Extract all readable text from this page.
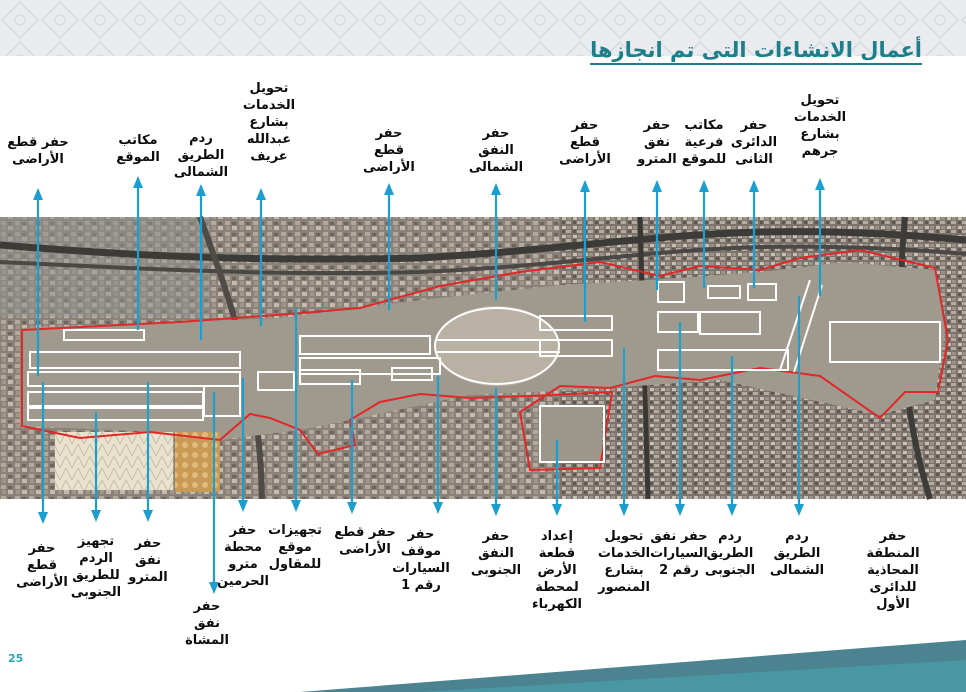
أعمال الانشاءات التى تم انجازها
حفر قطع
الأراضى
مكاتب
الموقع
ردم
الطريق
الشمالى
تحويل
الخدمات
بشارع
عبدالله
عريف
حفر
قطع
الأراضى
حفر
النفق
الشمالى
حفر
قطع
الأراضى
حفر
نفق
المترو
مكاتب
فرعية
للموقع
حفر
الدائرى
الثانى
تحويل
الخدمات
بشارع
جرهم
حفر
قطع
الأراضى
تجهيز
الردم
للطريق
الجنوبى
حفر
نفق
المترو
حفر
نفق
المشاة
حفر
محطة
مترو
الحرمين
تجهيزات
موقع
للمقاول
حفر قطع
الأراضى
حفر
موقف
السيارات
رقم 1
حفر
النفق
الجنوبى
إعداد
قطعة
الأرض
لمحطة
الكهرباء
تحويل
الخدمات
بشارع
المنصور
حفر نفق
السيارات
رقم 2
ردم
الطريق
الجنوبى
ردم
الطريق
الشمالى
حفر
المنطقة
المحاذية
للدائرى
الأول
25
